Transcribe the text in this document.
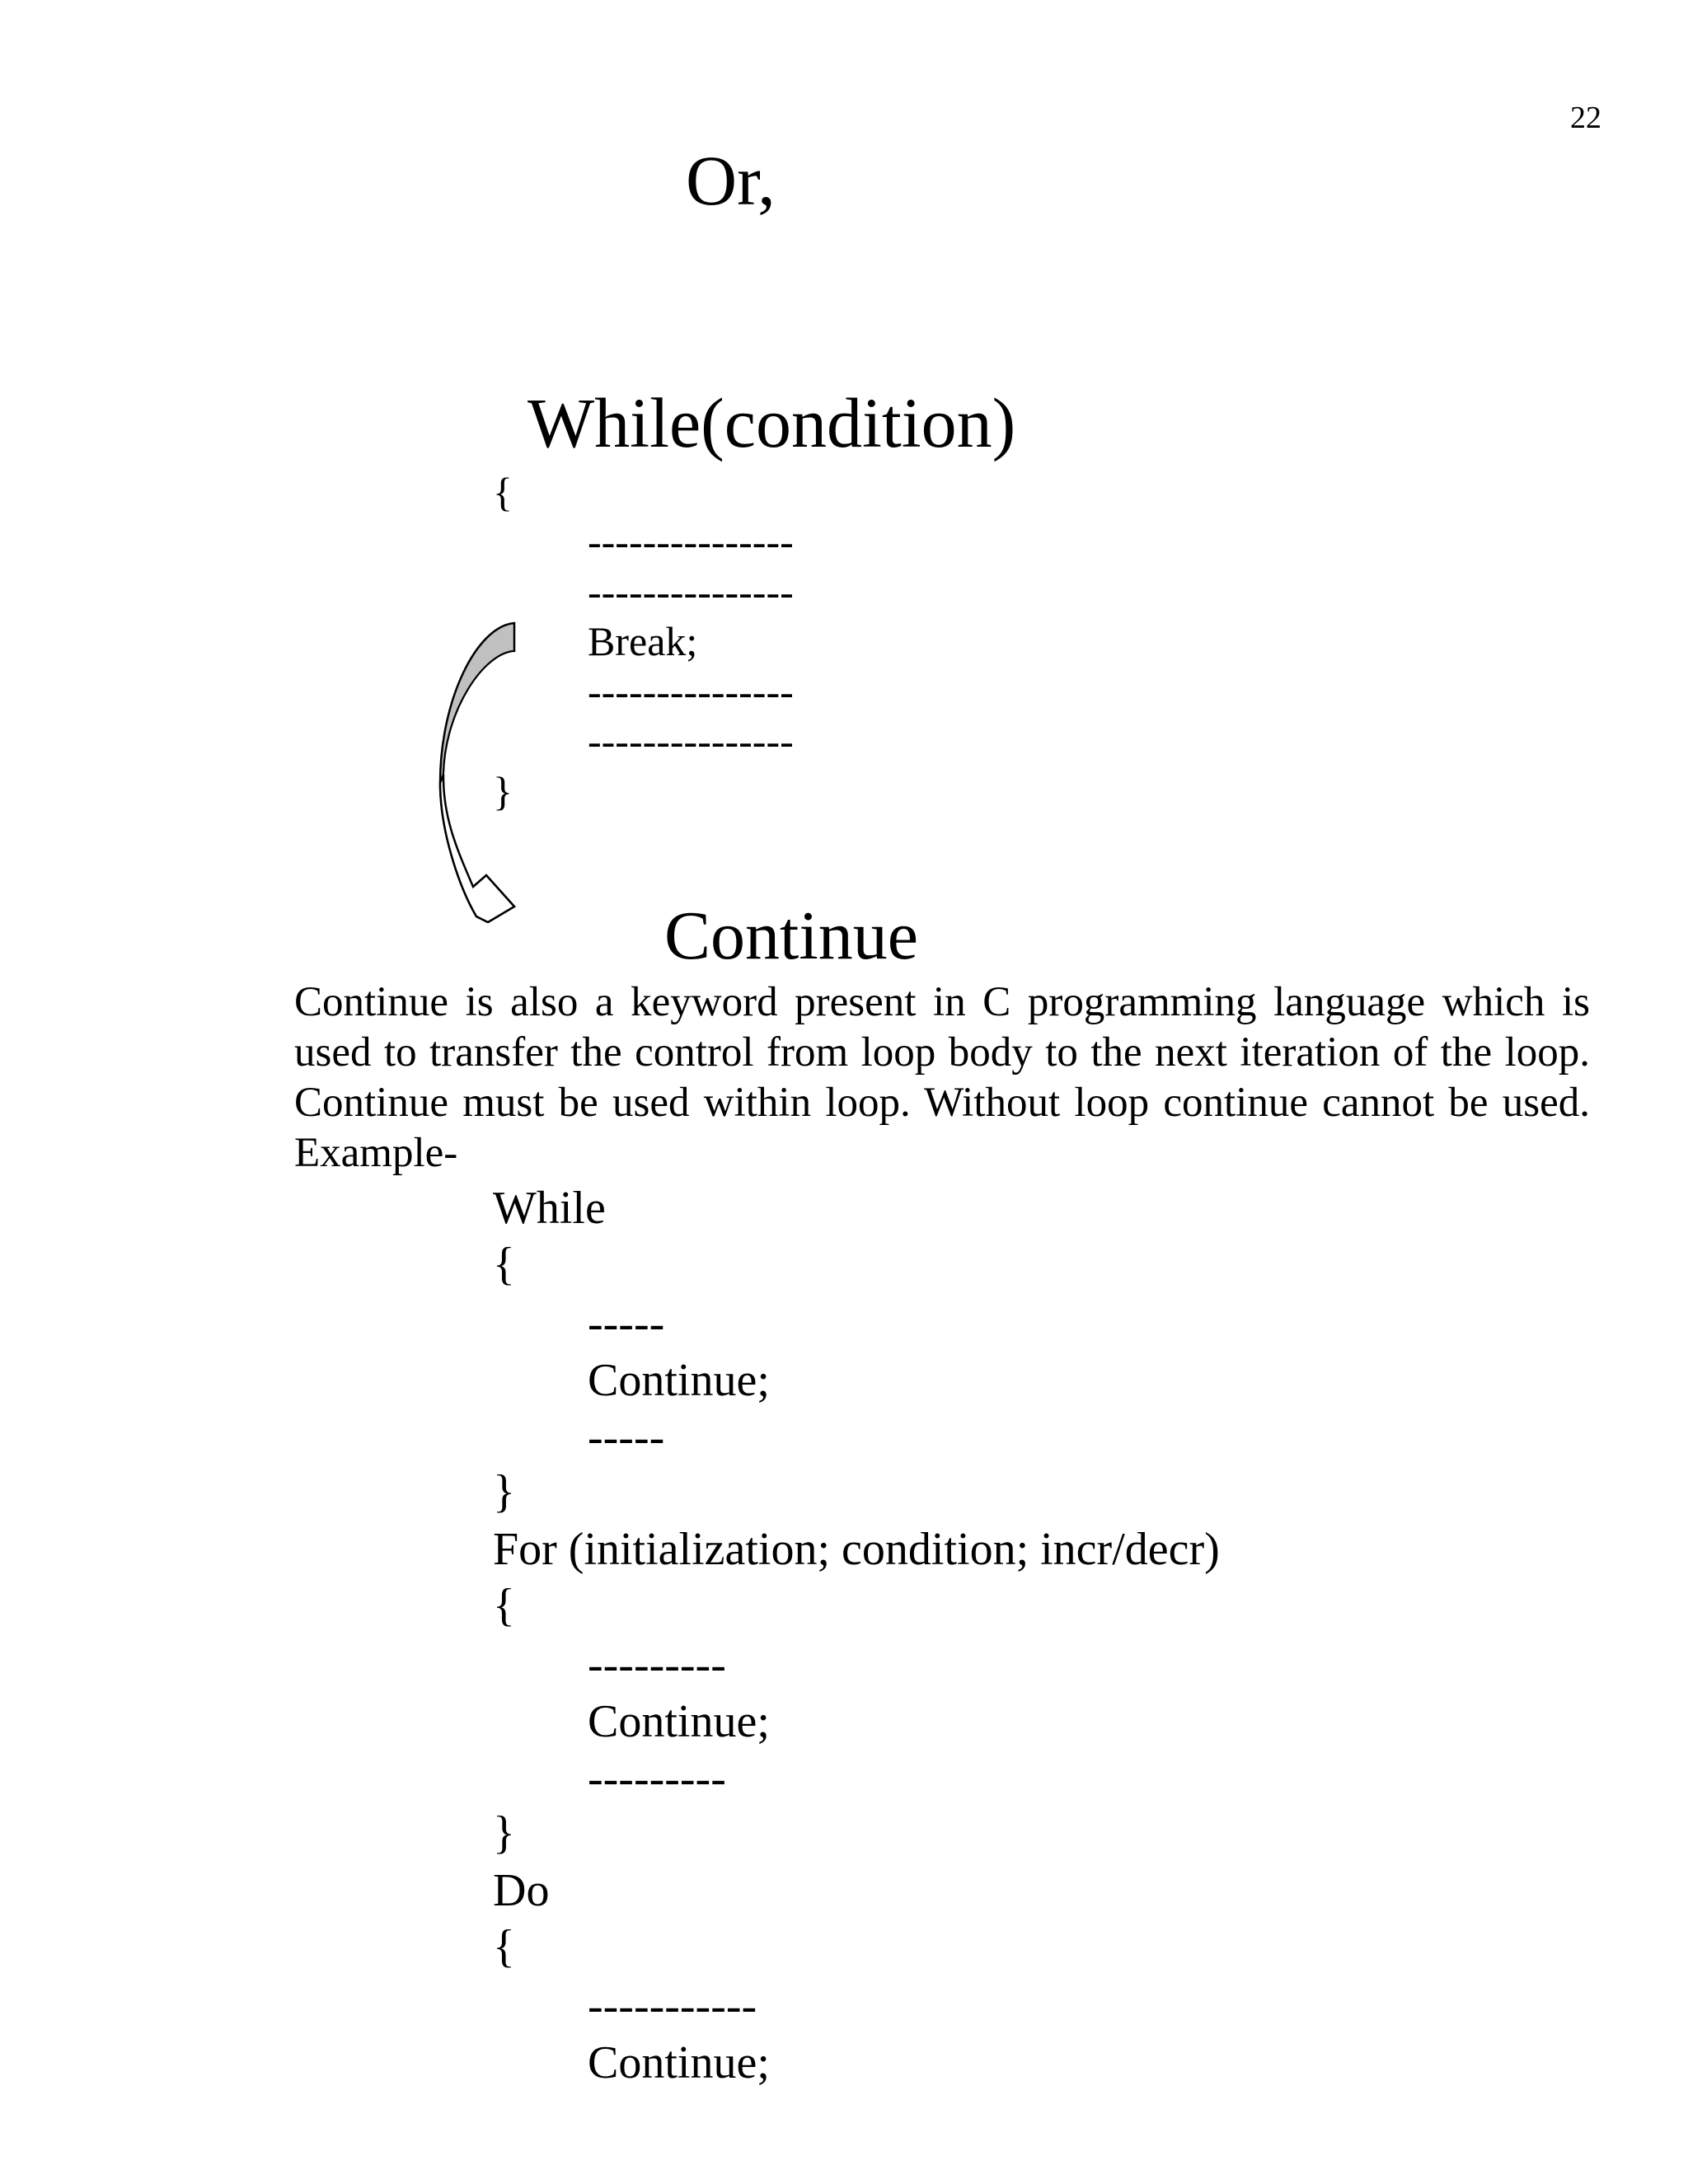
22
Or,
While(condition)
{
---------------
---------------
Break;
---------------
---------------
}
Continue

Continue is also a keyword present in C programming language which is used to transfer the control from loop body to the next iteration of the loop. Continue must be used within loop. Without loop continue cannot be used. Example-

While
{
-----
Continue;
-----
}
For (initialization; condition; incr/decr)
{
---------
Continue;
---------
}
Do
{
-----------
Continue;
